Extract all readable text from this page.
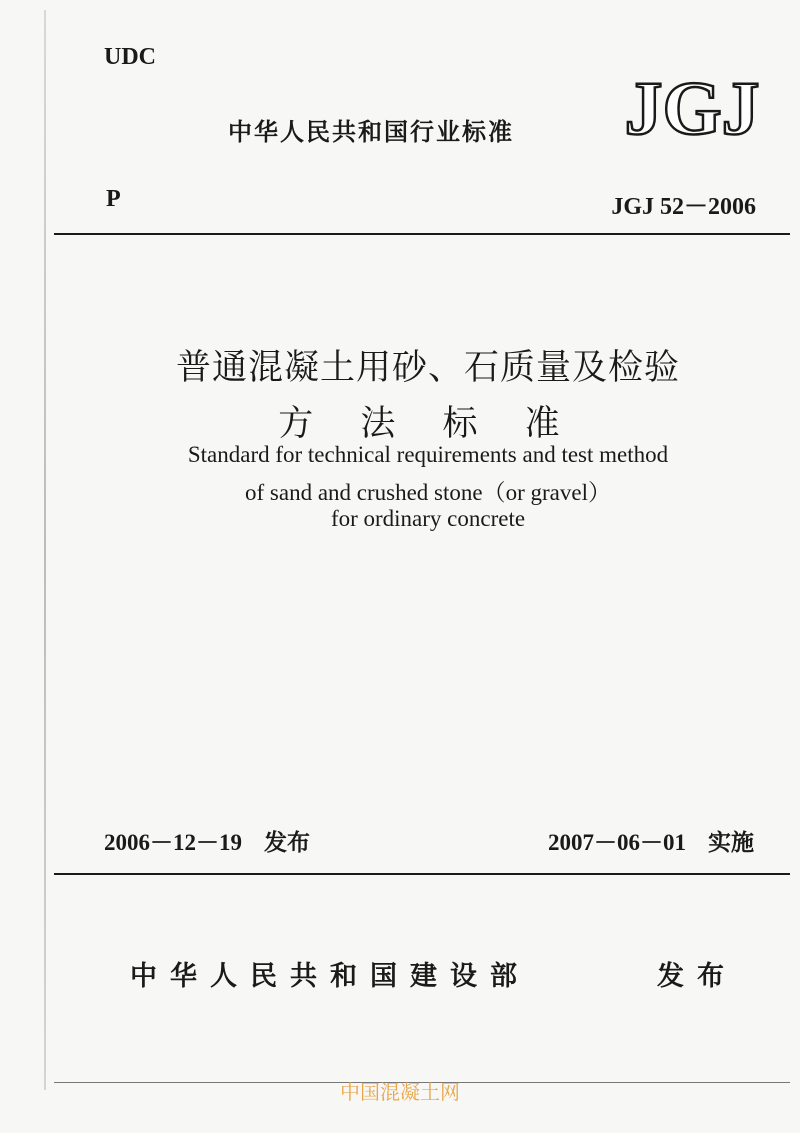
UDC
中华人民共和国行业标准 JGJ
P	JGJ 52－2006
普通混凝土用砂、石质量及检验
方 法 标 准
Standard for technical requirements and test method
of sand and crushed stone（or gravel）
for ordinary concrete
2006－12－19 发布	2007－06－01 实施
中华人民共和国建设部	发布
中国混凝土网
